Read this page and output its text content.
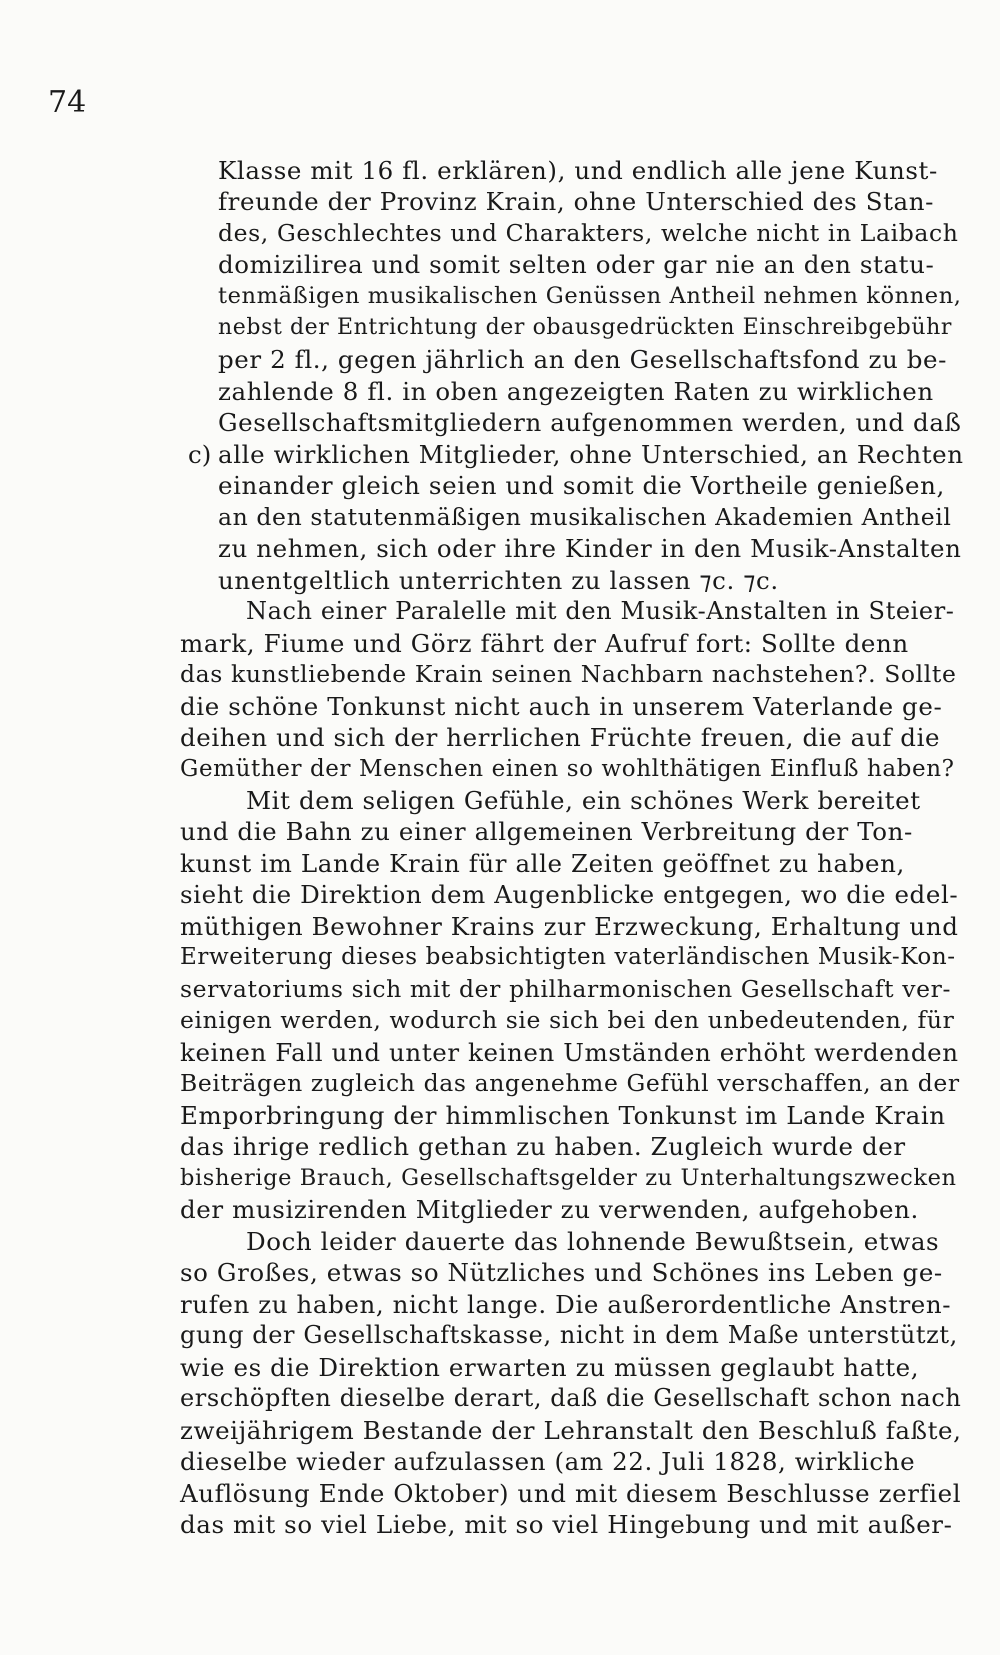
74
c)
Klasse mit 16 fl. erklären), und endlich alle jene Kunst-
freunde der Provinz Krain, ohne Unterschied des Stan-
des, Geschlechtes und Charakters, welche nicht in Laibach
domizilirea und somit selten oder gar nie an den statu-
tenmäßigen musikalischen Genüssen Antheil nehmen können,
nebst der Entrichtung der obausgedrückten Einschreibgebühr
per 2 fl., gegen jährlich an den Gesellschaftsfond zu be-
zahlende 8 fl. in oben angezeigten Raten zu wirklichen
Gesellschaftsmitgliedern aufgenommen werden, und daß
alle wirklichen Mitglieder, ohne Unterschied, an Rechten
einander gleich seien und somit die Vortheile genießen,
an den statutenmäßigen musikalischen Akademien Antheil
zu nehmen, sich oder ihre Kinder in den Musik-Anstalten
unentgeltlich unterrichten zu lassen ⁊c. ⁊c.
Nach einer Paralelle mit den Musik-Anstalten in Steier-
mark, Fiume und Görz fährt der Aufruf fort: Sollte denn
das kunstliebende Krain seinen Nachbarn nachstehen?. Sollte
die schöne Tonkunst nicht auch in unserem Vaterlande ge-
deihen und sich der herrlichen Früchte freuen, die auf die
Gemüther der Menschen einen so wohlthätigen Einfluß haben?
Mit dem seligen Gefühle, ein schönes Werk bereitet
und die Bahn zu einer allgemeinen Verbreitung der Ton-
kunst im Lande Krain für alle Zeiten geöffnet zu haben,
sieht die Direktion dem Augenblicke entgegen, wo die edel-
müthigen Bewohner Krains zur Erzweckung, Erhaltung und
Erweiterung dieses beabsichtigten vaterländischen Musik-Kon-
servatoriums sich mit der philharmonischen Gesellschaft ver-
einigen werden, wodurch sie sich bei den unbedeutenden, für
keinen Fall und unter keinen Umständen erhöht werdenden
Beiträgen zugleich das angenehme Gefühl verschaffen, an der
Emporbringung der himmlischen Tonkunst im Lande Krain
das ihrige redlich gethan zu haben. Zugleich wurde der
bisherige Brauch, Gesellschaftsgelder zu Unterhaltungszwecken
der musizirenden Mitglieder zu verwenden, aufgehoben.
Doch leider dauerte das lohnende Bewußtsein, etwas
so Großes, etwas so Nützliches und Schönes ins Leben ge-
rufen zu haben, nicht lange. Die außerordentliche Anstren-
gung der Gesellschaftskasse, nicht in dem Maße unterstützt,
wie es die Direktion erwarten zu müssen geglaubt hatte,
erschöpften dieselbe derart, daß die Gesellschaft schon nach
zweijährigem Bestande der Lehranstalt den Beschluß faßte,
dieselbe wieder aufzulassen (am 22. Juli 1828, wirkliche
Auflösung Ende Oktober) und mit diesem Beschlusse zerfiel
das mit so viel Liebe, mit so viel Hingebung und mit außer-
